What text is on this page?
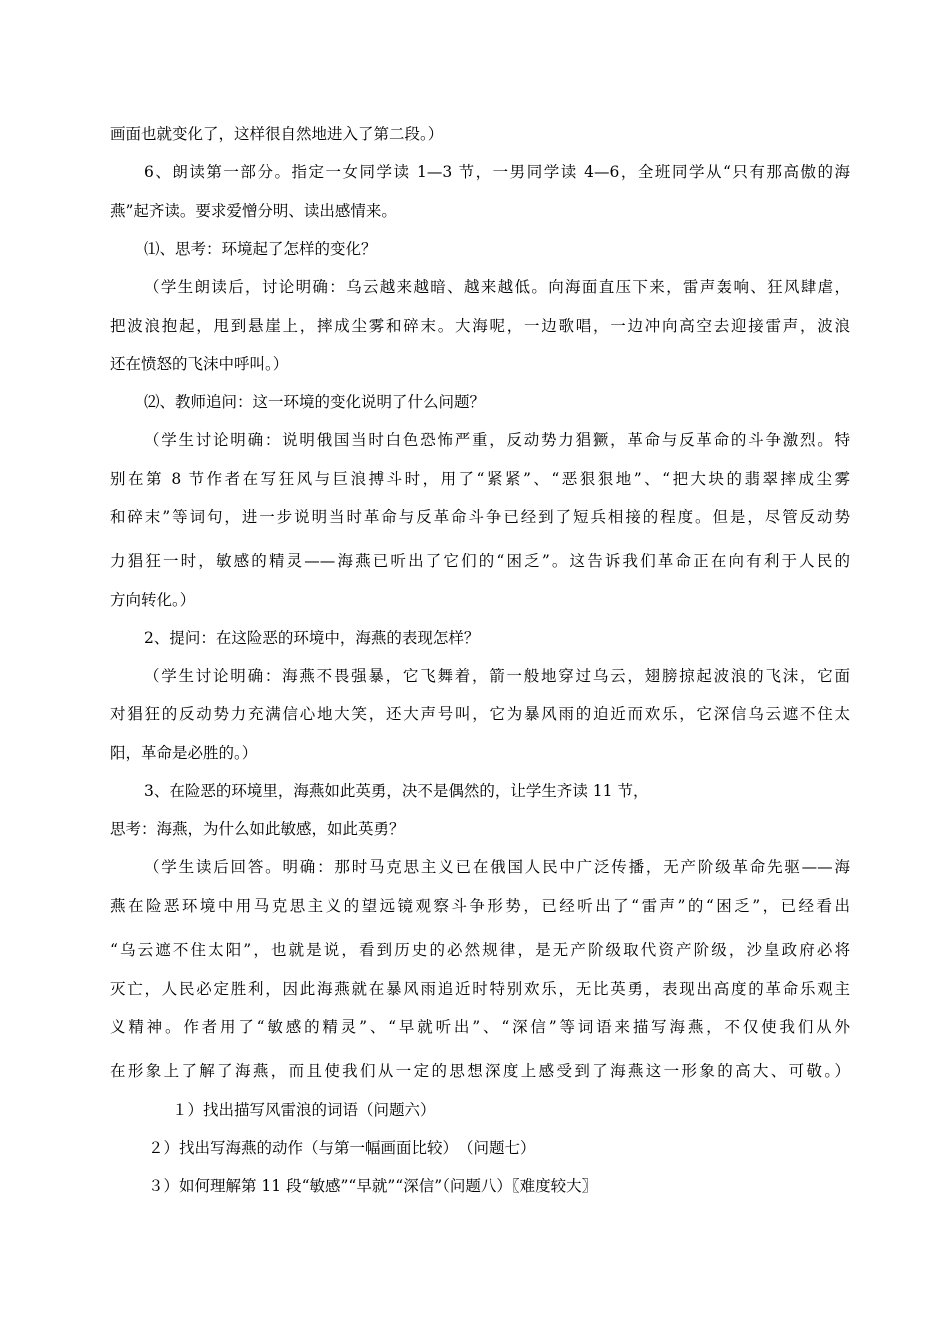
画面也就变化了，这样很自然地进入了第二段。）
6、朗读第一部分。指定一女同学读 1—3 节，一男同学读 4—6，全班同学从“只有那高傲的海
燕”起齐读。要求爱憎分明、读出感情来。
⑴、思考：环境起了怎样的变化？
（学生朗读后，讨论明确：乌云越来越暗、越来越低。向海面直压下来，雷声轰响、狂风肆虐，
把波浪抱起，甩到悬崖上，摔成尘雾和碎末。大海呢，一边歌唱，一边冲向高空去迎接雷声，波浪
还在愤怒的飞沫中呼叫。）
⑵、教师追问：这一环境的变化说明了什么问题？
（学生讨论明确：说明俄国当时白色恐怖严重，反动势力猖獗，革命与反革命的斗争激烈。特
别在第 8 节作者在写狂风与巨浪搏斗时，用了“紧紧”、“恶狠狠地”、“把大块的翡翠摔成尘雾
和碎末”等词句，进一步说明当时革命与反革命斗争已经到了短兵相接的程度。但是，尽管反动势
力猖狂一时，敏感的精灵——海燕已听出了它们的“困乏”。这告诉我们革命正在向有利于人民的
方向转化。）
2、提问：在这险恶的环境中，海燕的表现怎样？
（学生讨论明确：海燕不畏强暴，它飞舞着，箭一般地穿过乌云，翅膀掠起波浪的飞沫，它面
对猖狂的反动势力充满信心地大笑，还大声号叫，它为暴风雨的迫近而欢乐，它深信乌云遮不住太
阳，革命是必胜的。）
3、在险恶的环境里，海燕如此英勇，决不是偶然的，让学生齐读 11 节，
思考：海燕，为什么如此敏感，如此英勇？
（学生读后回答。明确：那时马克思主义已在俄国人民中广泛传播，无产阶级革命先驱——海
燕在险恶环境中用马克思主义的望远镜观察斗争形势，已经听出了“雷声”的“困乏”，已经看出
“乌云遮不住太阳”，也就是说，看到历史的必然规律，是无产阶级取代资产阶级，沙皇政府必将
灭亡，人民必定胜利，因此海燕就在暴风雨追近时特别欢乐，无比英勇，表现出高度的革命乐观主
义精神。作者用了“敏感的精灵”、“早就听出”、“深信”等词语来描写海燕，不仅使我们从外
在形象上了解了海燕，而且使我们从一定的思想深度上感受到了海燕这一形象的高大、可敬。）
１）找出描写风雷浪的词语（问题六）
２）找出写海燕的动作（与第一幅画面比较）　（问题七）
３）如何理解第 11 段“敏感”“早就”“深信”（问题八）〖难度较大〗
